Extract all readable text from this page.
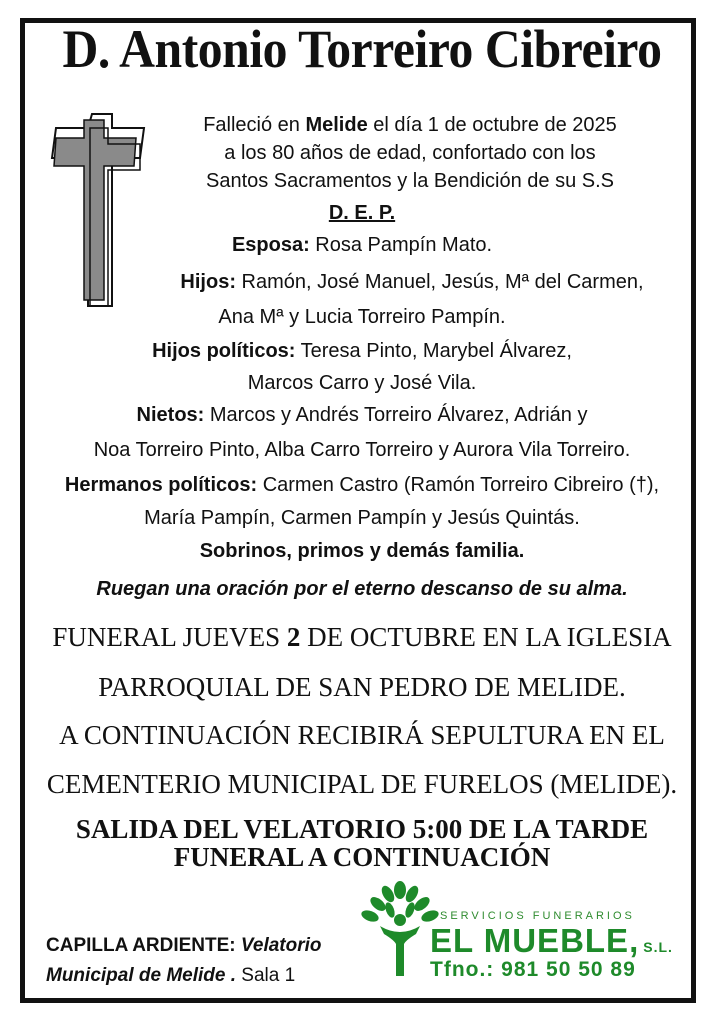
D. Antonio Torreiro Cibreiro
Falleció en Melide el día 1 de octubre de 2025
a los 80 años de edad, confortado con los
Santos Sacramentos y la Bendición de su S.S
D. E. P.
Esposa: Rosa Pampín Mato.
Hijos: Ramón, José Manuel, Jesús, Mª del Carmen,
Ana Mª y Lucia Torreiro Pampín.
Hijos políticos: Teresa Pinto, Marybel Álvarez,
Marcos Carro y José Vila.
Nietos: Marcos y Andrés Torreiro Álvarez, Adrián y
Noa Torreiro Pinto, Alba Carro Torreiro y Aurora Vila Torreiro.
Hermanos políticos: Carmen Castro (Ramón Torreiro Cibreiro (†),
María Pampín, Carmen Pampín y Jesús Quintás.
Sobrinos, primos y demás familia.
Ruegan una oración por el eterno descanso de su alma.
FUNERAL JUEVES 2 DE OCTUBRE EN LA IGLESIA
PARROQUIAL DE SAN PEDRO DE MELIDE.
A CONTINUACIÓN RECIBIRÁ SEPULTURA EN EL
CEMENTERIO MUNICIPAL DE FURELOS (MELIDE).
SALIDA DEL VELATORIO 5:00 DE LA TARDE
FUNERAL A CONTINUACIÓN
CAPILLA ARDIENTE: Velatorio
Municipal de Melide . Sala 1
SERVICIOS FUNERARIOS
EL MUEBLE, S.L.
Tfno.: 981 50 50 89
